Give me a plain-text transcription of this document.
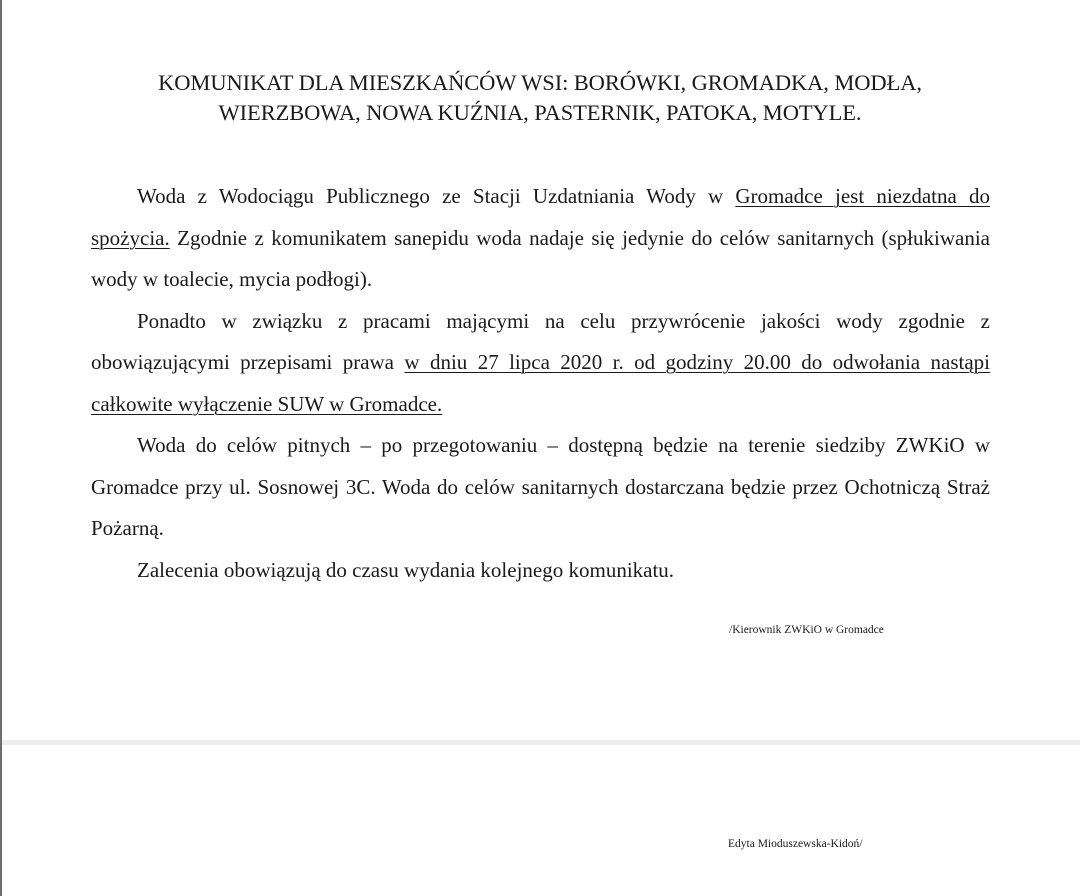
KOMUNIKAT DLA MIESZKAŃCÓW WSI: BORÓWKI, GROMADKA, MODŁA,
WIERZBOWA, NOWA KUŹNIA, PASTERNIK, PATOKA, MOTYLE.

Woda z Wodociągu Publicznego ze Stacji Uzdatniania Wody w Gromadce jest niezdatna do spożycia. Zgodnie z komunikatem sanepidu woda nadaje się jedynie do celów sanitarnych (spłukiwania wody w toalecie, mycia podłogi).

Ponadto w związku z pracami mającymi na celu przywrócenie jakości wody zgodnie z obowiązującymi przepisami prawa w dniu 27 lipca 2020 r. od godziny 20.00 do odwołania nastąpi całkowite wyłączenie SUW w Gromadce.

Woda do celów pitnych – po przegotowaniu – dostępną będzie na terenie siedziby ZWKiO w Gromadce przy ul. Sosnowej 3C. Woda do celów sanitarnych dostarczana będzie przez Ochotniczą Straż Pożarną.

Zalecenia obowiązują do czasu wydania kolejnego komunikatu.

/Kierownik ZWKiO w Gromadce
Edyta Mioduszewska-Kidoń/
